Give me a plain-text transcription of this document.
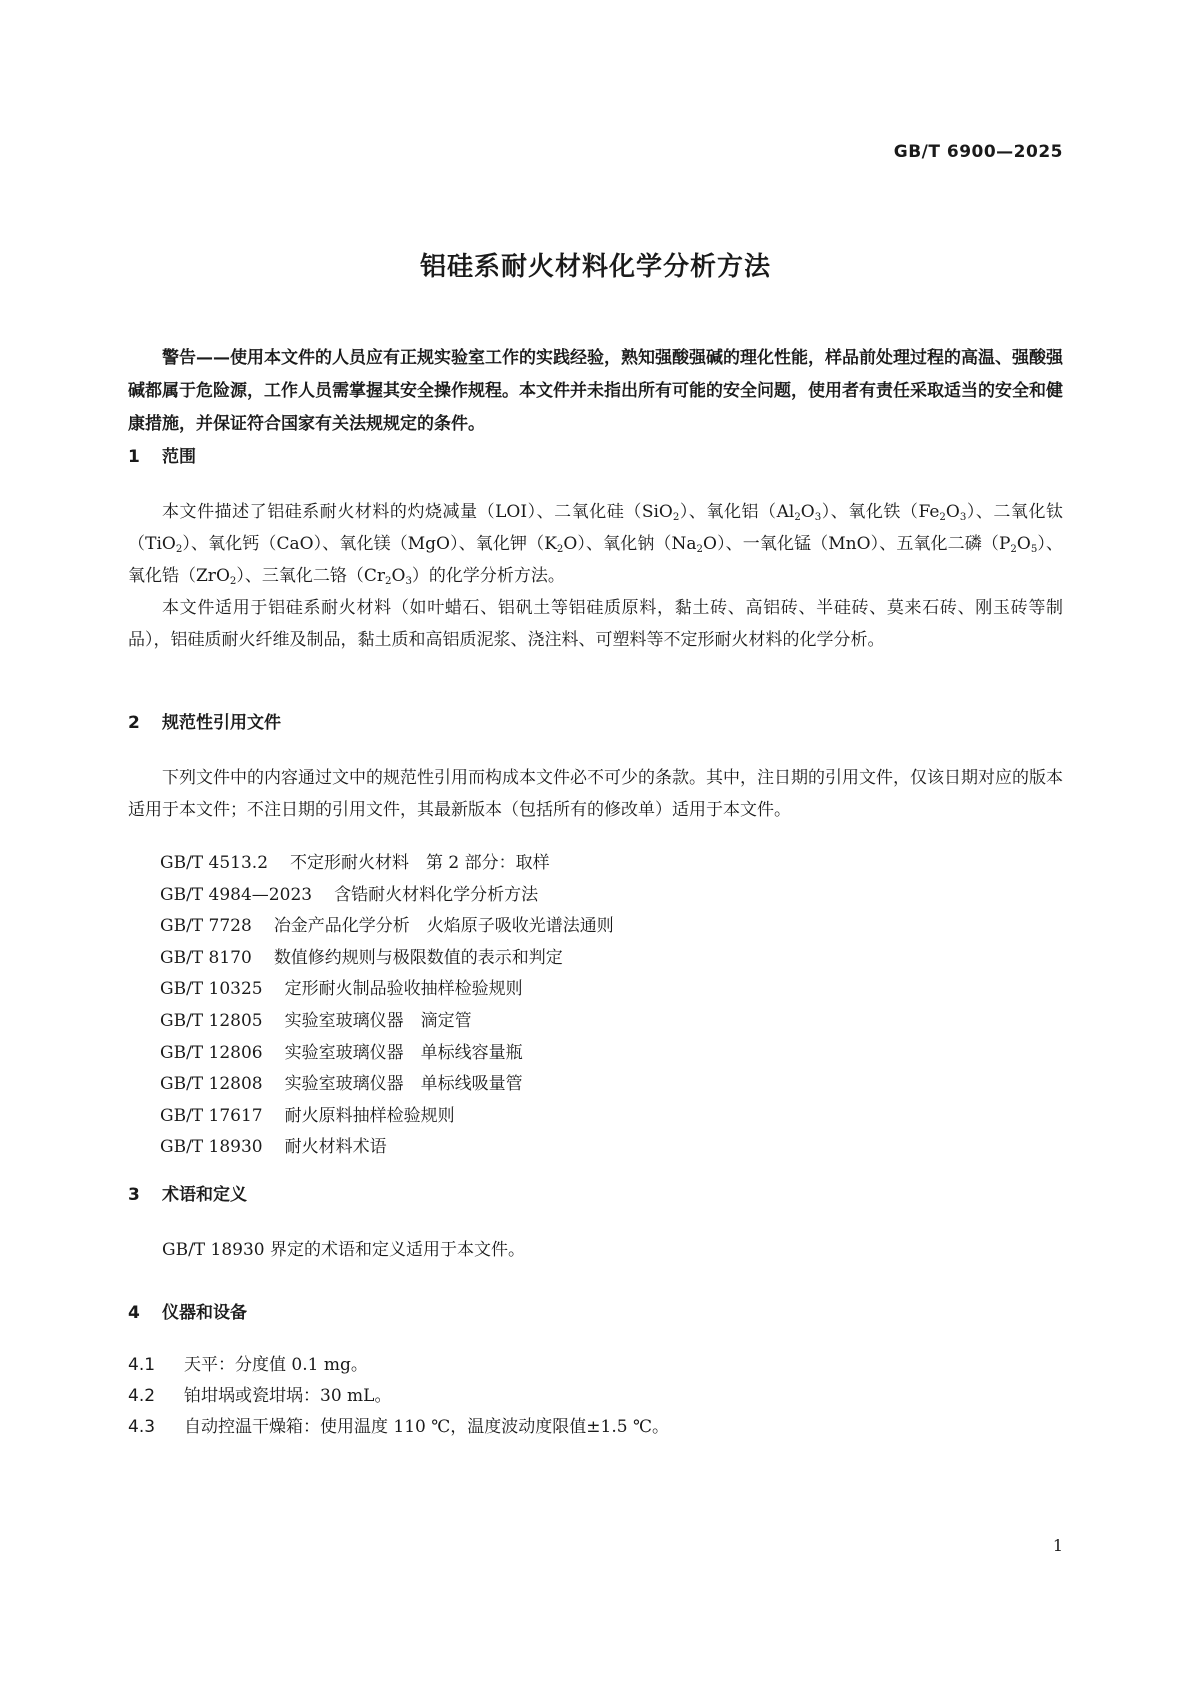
GB/T 6900—2025
铝硅系耐火材料化学分析方法
警告——使用本文件的人员应有正规实验室工作的实践经验，熟知强酸强碱的理化性能，样品前处理过程的高温、强酸强碱都属于危险源，工作人员需掌握其安全操作规程。本文件并未指出所有可能的安全问题，使用者有责任采取适当的安全和健康措施，并保证符合国家有关法规规定的条件。
1 范围

本文件描述了铝硅系耐火材料的灼烧减量（LOI）、二氧化硅（SiO$_2$）、氧化铝$(Al_2O_3)$、氧化铁$(Fe_2O_3)$、二氧化钛（TiO$_2$）、氧化钙（CaO）、氧化镁（MgO）、氧化钾$(K_2O)$、氧化钠$(Na_2O)$、一氧化锰（MnO）、五氧化二磷$(P_2O_5)$、氧化锆（ZrO$_2$）、三氧化二铬$(Cr_2O_3)$的化学分析方法。

本文件适用于铝硅系耐火材料（如叶蜡石、铝矾土等铝硅质原料，黏土砖、高铝砖、半硅砖、莫来石砖、刚玉砖等制品），铝硅质耐火纤维及制品，黏土质和高铝质泥浆、浇注料、可塑料等不定形耐火材料的化学分析。

2 规范性引用文件

下列文件中的内容通过文中的规范性引用而构成本文件必不可少的条款。其中，注日期的引用文件，仅该日期对应的版本适用于本文件；不注日期的引用文件，其最新版本（包括所有的修改单）适用于本文件。

GB/T 4513.2 不定形耐火材料　第 2 部分：取样
GB/T 4984—2023 含锆耐火材料化学分析方法
GB/T 7728 冶金产品化学分析　火焰原子吸收光谱法通则
GB/T 8170 数值修约规则与极限数值的表示和判定
GB/T 10325 定形耐火制品验收抽样检验规则
GB/T 12805 实验室玻璃仪器　滴定管
GB/T 12806 实验室玻璃仪器　单标线容量瓶
GB/T 12808 实验室玻璃仪器　单标线吸量管
GB/T 17617 耐火原料抽样检验规则
GB/T 18930 耐火材料术语
3 术语和定义

GB/T 18930 界定的术语和定义适用于本文件。

4 仪器和设备
4.1 天平：分度值 0.1 mg。
4.2 铂坩埚或瓷坩埚：30 mL。
4.3 自动控温干燥箱：使用温度 110 ℃，温度波动度限值±1.5 ℃。
1
